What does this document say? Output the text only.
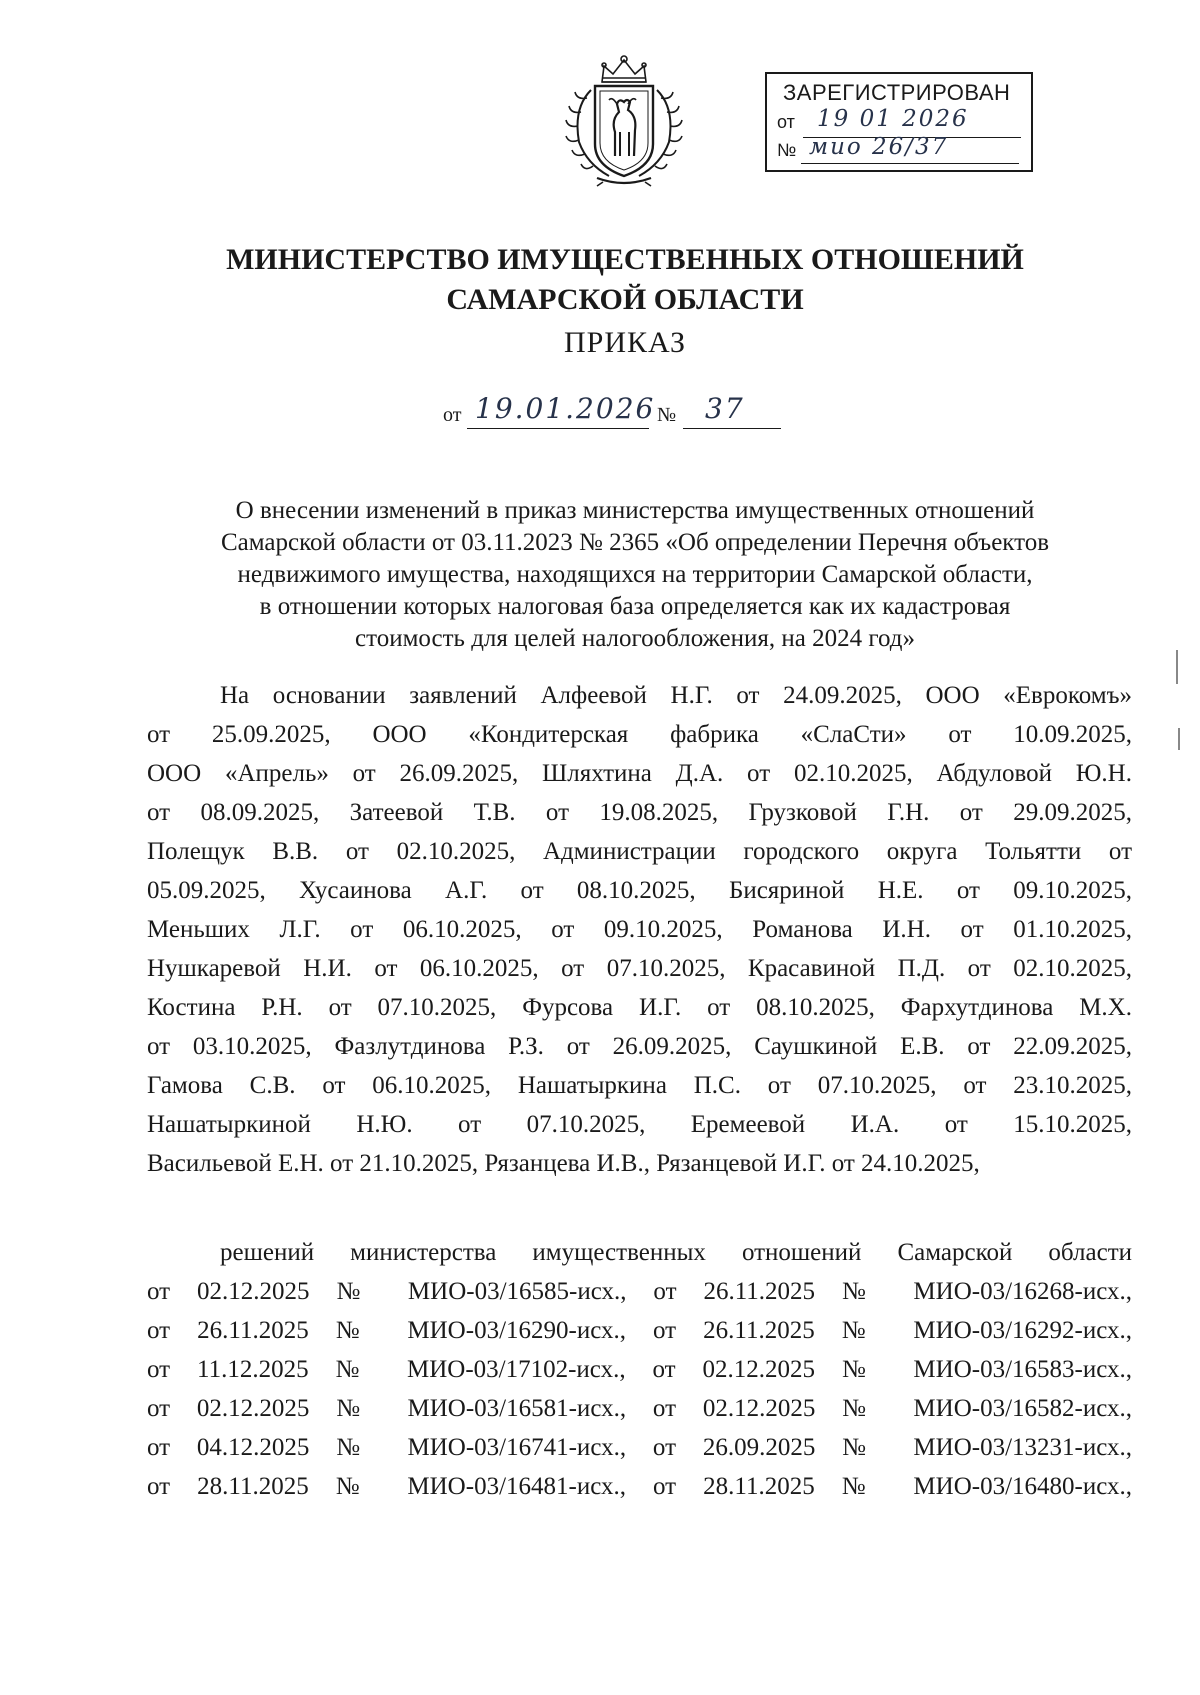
ЗАРЕГИСТРИРОВАН
от 19 01 2026
№ мио 26/37
МИНИСТЕРСТВО ИМУЩЕСТВЕННЫХ ОТНОШЕНИЙ
САМАРСКОЙ ОБЛАСТИ
ПРИКАЗ
от 19.01.2026 № 37
О внесении изменений в приказ министерства имущественных отношений
Самарской области от 03.11.2023 № 2365 «Об определении Перечня объектов
недвижимого имущества, находящихся на территории Самарской области,
в отношении которых налоговая база определяется как их кадастровая
стоимость для целей налогообложения, на 2024 год»
На основании заявлений Алфеевой Н.Г. от 24.09.2025, ООО «Еврокомъ»
от 25.09.2025, ООО «Кондитерская фабрика «СлаСти» от 10.09.2025,
ООО «Апрель» от 26.09.2025, Шляхтина Д.А. от 02.10.2025, Абдуловой Ю.Н.
от 08.09.2025, Затеевой Т.В. от 19.08.2025, Грузковой Г.Н. от 29.09.2025,
Полещук В.В. от 02.10.2025, Администрации городского округа Тольятти от
05.09.2025, Хусаинова А.Г. от 08.10.2025, Бисяриной Н.Е. от 09.10.2025,
Меньших Л.Г. от 06.10.2025, от 09.10.2025, Романова И.Н. от 01.10.2025,
Нушкаревой Н.И. от 06.10.2025, от 07.10.2025, Красавиной П.Д. от 02.10.2025,
Костина Р.Н. от 07.10.2025, Фурсова И.Г. от 08.10.2025, Фархутдинова М.Х.
от 03.10.2025, Фазлутдинова Р.З. от 26.09.2025, Саушкиной Е.В. от 22.09.2025,
Гамова С.В. от 06.10.2025, Нашатыркина П.С. от 07.10.2025, от 23.10.2025,
Нашатыркиной Н.Ю. от 07.10.2025, Еремеевой И.А. от 15.10.2025,
Васильевой Е.Н. от 21.10.2025, Рязанцева И.В., Рязанцевой И.Г. от 24.10.2025,
решений министерства имущественных отношений Самарской области
от 02.12.2025 № МИО-03/16585-исх., от 26.11.2025 № МИО-03/16268-исх.,
от 26.11.2025 № МИО-03/16290-исх., от 26.11.2025 № МИО-03/16292-исх.,
от 11.12.2025 № МИО-03/17102-исх., от 02.12.2025 № МИО-03/16583-исх.,
от 02.12.2025 № МИО-03/16581-исх., от 02.12.2025 № МИО-03/16582-исх.,
от 04.12.2025 № МИО-03/16741-исх., от 26.09.2025 № МИО-03/13231-исх.,
от 28.11.2025 № МИО-03/16481-исх., от 28.11.2025 № МИО-03/16480-исх.,
